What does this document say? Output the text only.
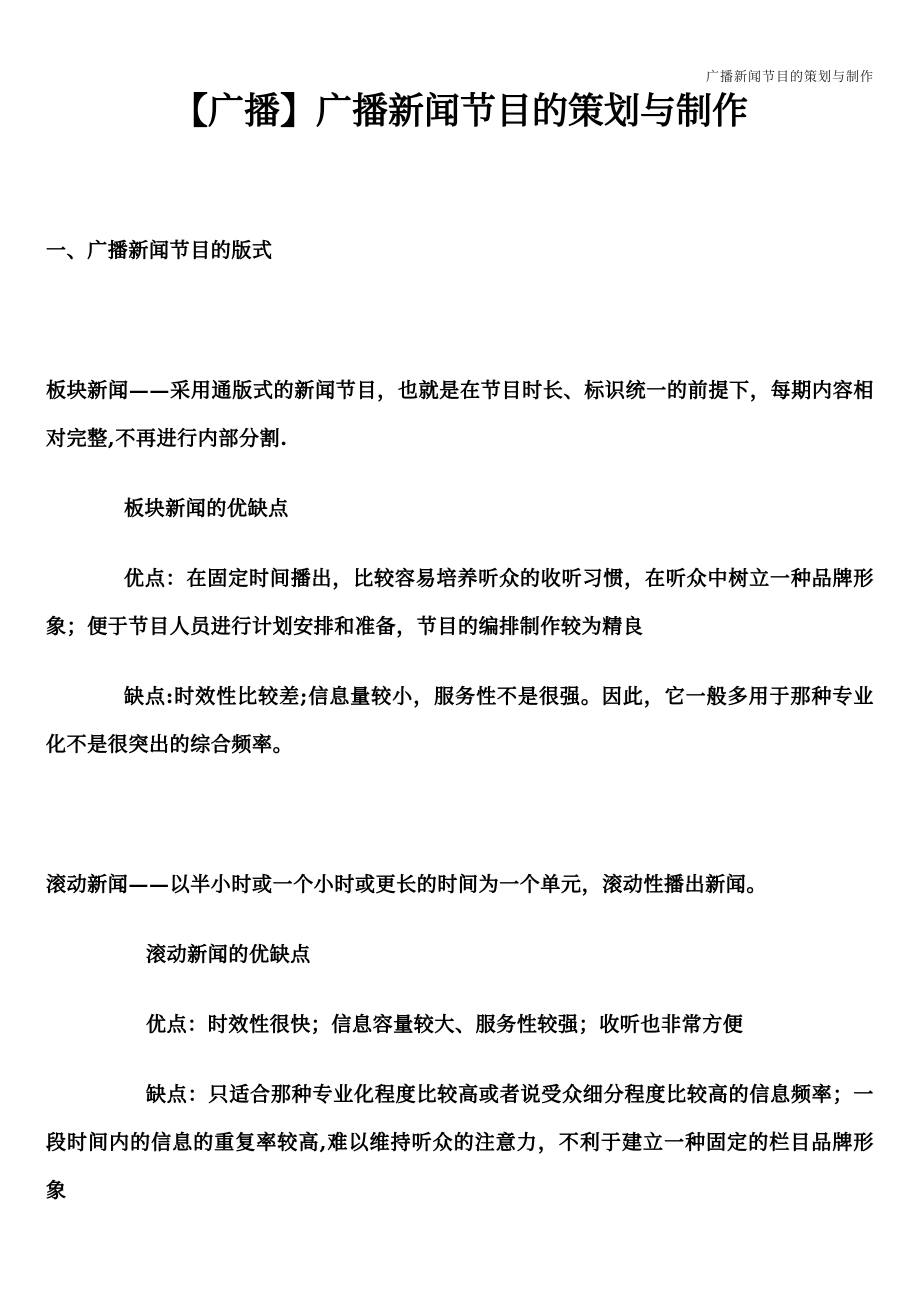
广播新闻节目的策划与制作
【广播】广播新闻节目的策划与制作

一、广播新闻节目的版式

板块新闻——采用通版式的新闻节目，也就是在节目时长、标识统一的前提下，每期内容相对完整,不再进行内部分割.

板块新闻的优缺点

优点：在固定时间播出，比较容易培养听众的收听习惯，在听众中树立一种品牌形象；便于节目人员进行计划安排和准备，节目的编排制作较为精良

缺点:时效性比较差;信息量较小，服务性不是很强。因此，它一般多用于那种专业化不是很突出的综合频率。

滚动新闻——以半小时或一个小时或更长的时间为一个单元，滚动性播出新闻。

滚动新闻的优缺点

优点：时效性很快；信息容量较大、服务性较强；收听也非常方便

缺点：只适合那种专业化程度比较高或者说受众细分程度比较高的信息频率；一段时间内的信息的重复率较高,难以维持听众的注意力，不利于建立一种固定的栏目品牌形象
